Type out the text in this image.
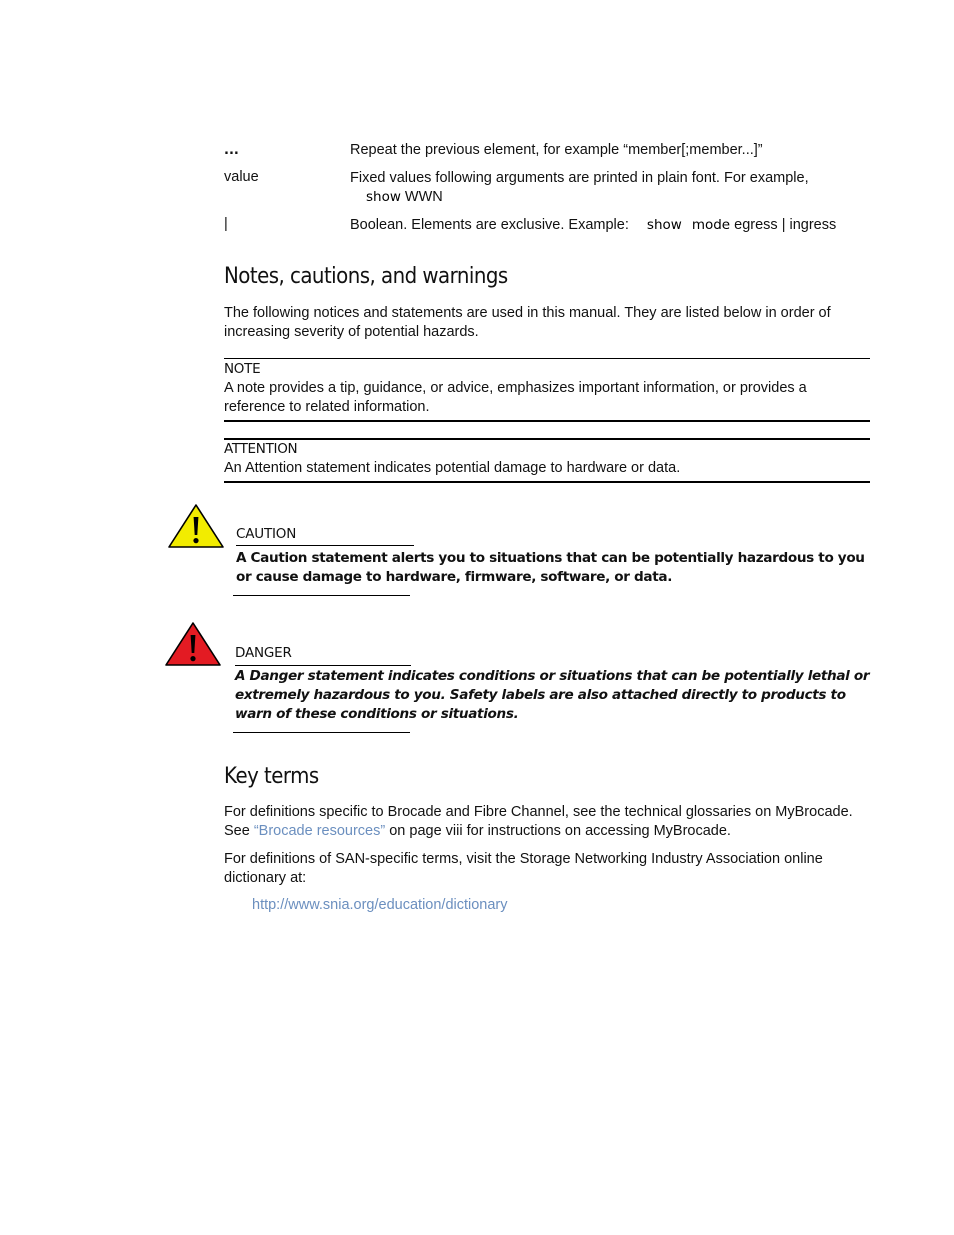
...	Repeat the previous element, for example “member[;member...]”
value	Fixed values following arguments are printed in plain font. For example,
show WWN
|	Boolean. Elements are exclusive. Example: show mode egress | ingress
Notes, cautions, and warnings

The following notices and statements are used in this manual. They are listed below in order of increasing severity of potential hazards.

NOTE
A note provides a tip, guidance, or advice, emphasizes important information, or provides a reference to related information.
ATTENTION
An Attention statement indicates potential damage to hardware or data.
CAUTION
A Caution statement alerts you to situations that can be potentially hazardous to you or cause damage to hardware, firmware, software, or data.
DANGER
A Danger statement indicates conditions or situations that can be potentially lethal or extremely hazardous to you. Safety labels are also attached directly to products to warn of these conditions or situations.
Key terms

For definitions specific to Brocade and Fibre Channel, see the technical glossaries on MyBrocade.
See “Brocade resources” on page viii for instructions on accessing MyBrocade.

For definitions of SAN-specific terms, visit the Storage Networking Industry Association online dictionary at:

http://www.snia.org/education/dictionary
